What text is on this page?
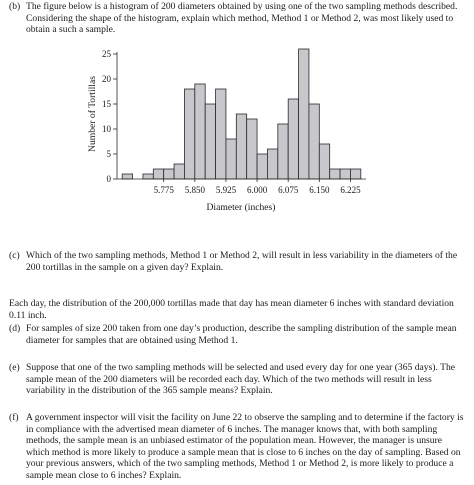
(b) The figure below is a histogram of 200 diameters obtained by using one of the two sampling methods described. Considering the shape of the histogram, explain which method, Method 1 or Method 2, was most likely used to obtain a such a sample.
0
5
10
15
20
25
5.775 5.850 5.925 6.000 6.075 6.150 6.225
Number of Tortillas
Diameter (inches)
(c) Which of the two sampling methods, Method 1 or Method 2, will result in less variability in the diameters of the 200 tortillas in the sample on a given day? Explain.
Each day, the distribution of the 200,000 tortillas made that day has mean diameter 6 inches with standard deviation 0.11 inch.
(d) For samples of size 200 taken from one day’s production, describe the sampling distribution of the sample mean diameter for samples that are obtained using Method 1.
(e) Suppose that one of the two sampling methods will be selected and used every day for one year (365 days). The sample mean of the 200 diameters will be recorded each day. Which of the two methods will result in less variability in the distribution of the 365 sample means? Explain.
(f) A government inspector will visit the facility on June 22 to observe the sampling and to determine if the factory is in compliance with the advertised mean diameter of 6 inches. The manager knows that, with both sampling methods, the sample mean is an unbiased estimator of the population mean. However, the manager is unsure which method is more likely to produce a sample mean that is close to 6 inches on the day of sampling. Based on your previous answers, which of the two sampling methods, Method 1 or Method 2, is more likely to produce a sample mean close to 6 inches? Explain.
